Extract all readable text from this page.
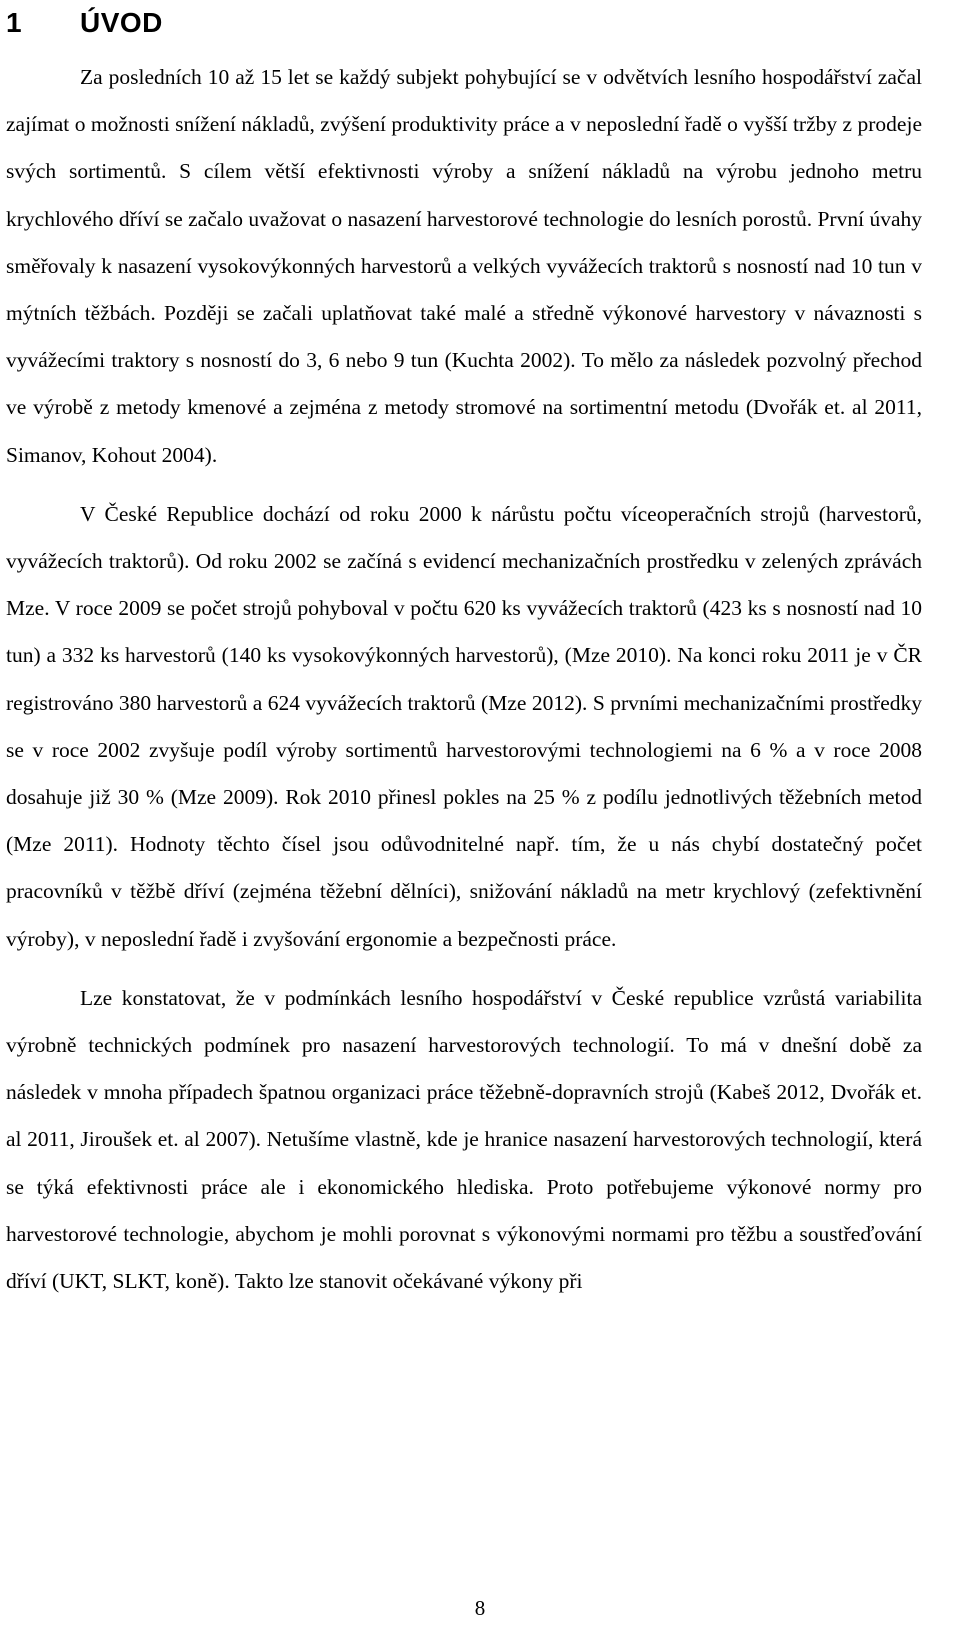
1	ÚVOD

Za posledních 10 až 15 let se každý subjekt pohybující se v odvětvích lesního hospodářství začal zajímat o možnosti snížení nákladů, zvýšení produktivity práce a v neposlední řadě o vyšší tržby z prodeje svých sortimentů. S cílem větší efektivnosti výroby a snížení nákladů na výrobu jednoho metru krychlového dříví se začalo uvažovat o nasazení harvestorové technologie do lesních porostů. První úvahy směřovaly k nasazení vysokovýkonných harvestorů a velkých vyvážecích traktorů s nosností nad 10 tun v mýtních těžbách. Později se začali uplatňovat také malé a středně výkonové harvestory v návaznosti s vyvážecími traktory s nosností do 3, 6 nebo 9 tun (Kuchta 2002). To mělo za následek pozvolný přechod ve výrobě z metody kmenové a zejména z metody stromové na sortimentní metodu (Dvořák et. al 2011, Simanov, Kohout 2004).

V České Republice dochází od roku 2000 k nárůstu počtu víceoperačních strojů (harvestorů, vyvážecích traktorů). Od roku 2002 se začíná s evidencí mechanizačních prostředku v zelených zprávách Mze. V roce 2009 se počet strojů pohyboval v počtu 620 ks vyvážecích traktorů (423 ks s nosností nad 10 tun) a 332 ks harvestorů (140 ks vysokovýkonných harvestorů), (Mze 2010). Na konci roku 2011 je v ČR registrováno 380 harvestorů a 624 vyvážecích traktorů (Mze 2012). S prvními mechanizačními prostředky se v roce 2002 zvyšuje podíl výroby sortimentů harvestorovými technologiemi na 6 % a v roce 2008 dosahuje již 30 % (Mze 2009). Rok 2010 přinesl pokles na 25 % z podílu jednotlivých těžebních metod (Mze 2011). Hodnoty těchto čísel jsou odůvodnitelné např. tím, že u nás chybí dostatečný počet pracovníků v těžbě dříví (zejména těžební dělníci), snižování nákladů na metr krychlový (zefektivnění výroby), v neposlední řadě i zvyšování ergonomie a bezpečnosti práce.

Lze konstatovat, že v podmínkách lesního hospodářství v České republice vzrůstá variabilita výrobně technických podmínek pro nasazení harvestorových technologií. To má v dnešní době za následek v mnoha případech špatnou organizaci práce těžebně-dopravních strojů (Kabeš 2012, Dvořák et. al 2011, Jiroušek et. al 2007). Netušíme vlastně, kde je hranice nasazení harvestorových technologií, která se týká efektivnosti práce ale i ekonomického hlediska. Proto potřebujeme výkonové normy pro harvestorové technologie, abychom je mohli porovnat s výkonovými normami pro těžbu a soustřeďování dříví (UKT, SLKT, koně). Takto lze stanovit očekávané výkony při

8
